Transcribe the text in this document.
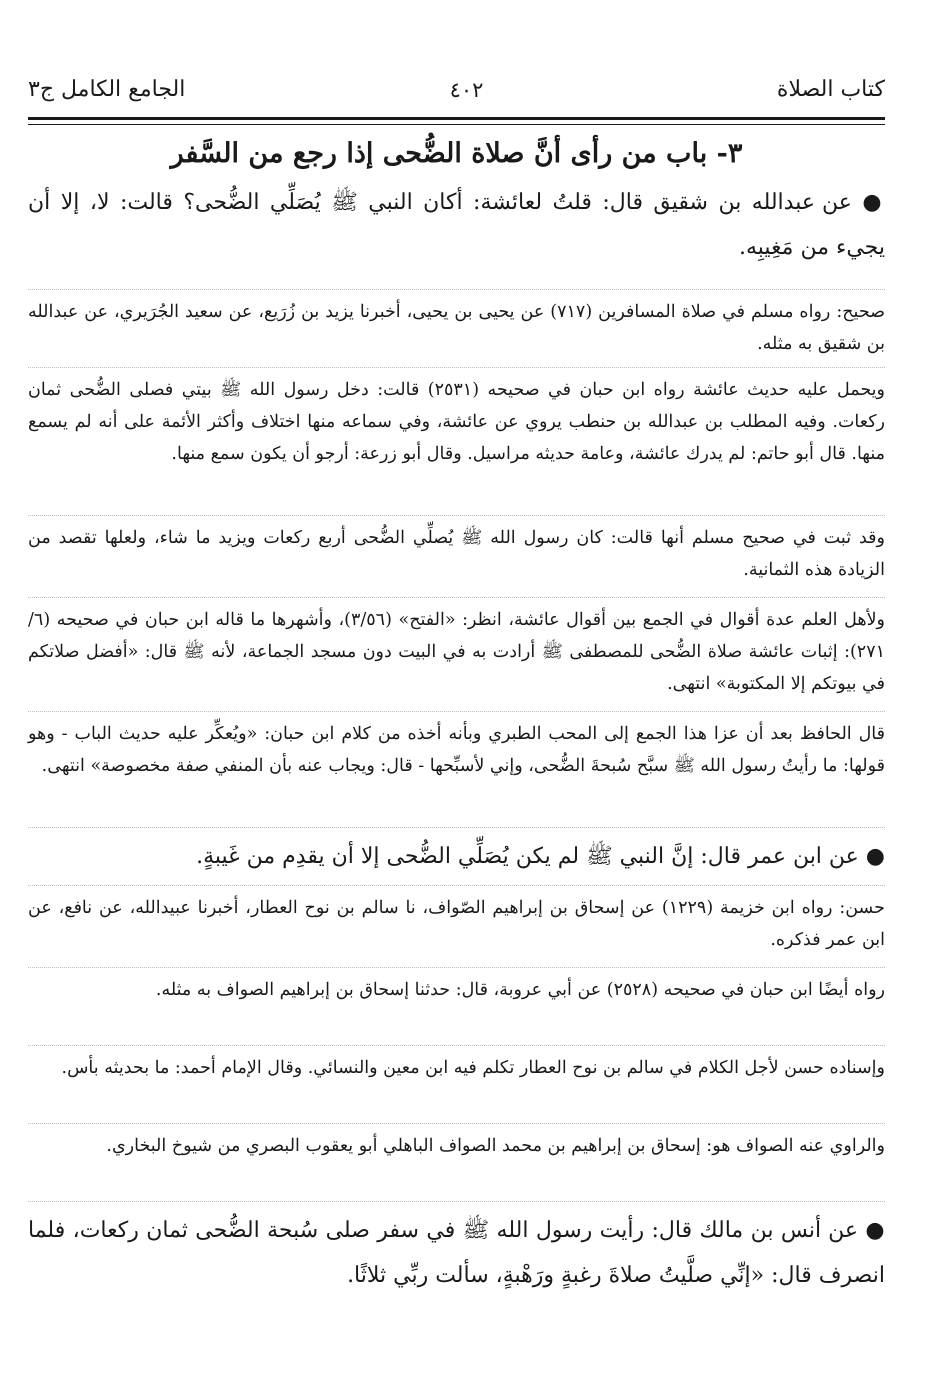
كتاب الصلاة
٤٠٢
الجامع الكامل ج٣
٣- باب من رأى أنَّ صلاة الضُّحى إذا رجع من السَّفر

● عن عبدالله بن شقيق قال: قلتُ لعائشة: أكان النبي ﷺ يُصَلِّي الضُّحى؟ قالت: لا، إلا أن يجيء من مَغِيبِه.

صحيح: رواه مسلم في صلاة المسافرين (٧١٧) عن يحيى بن يحيى، أخبرنا يزيد بن زُرَيع، عن سعيد الجُرَيري، عن عبدالله بن شقيق به مثله.

ويحمل عليه حديث عائشة رواه ابن حبان في صحيحه (٢٥٣١) قالت: دخل رسول الله ﷺ بيتي فصلى الضُّحى ثمان ركعات. وفيه المطلب بن عبدالله بن حنطب يروي عن عائشة، وفي سماعه منها اختلاف وأكثر الأئمة على أنه لم يسمع منها. قال أبو حاتم: لم يدرك عائشة، وعامة حديثه مراسيل. وقال أبو زرعة: أرجو أن يكون سمع منها.

وقد ثبت في صحيح مسلم أنها قالت: كان رسول الله ﷺ يُصلِّي الضُّحى أربع ركعات ويزيد ما شاء، ولعلها تقصد من الزيادة هذه الثمانية.

ولأهل العلم عدة أقوال في الجمع بين أقوال عائشة، انظر: «الفتح» (٣/٥٦)، وأشهرها ما قاله ابن حبان في صحيحه (٦/ ٢٧١): إثبات عائشة صلاة الضُّحى للمصطفى ﷺ أرادت به في البيت دون مسجد الجماعة، لأنه ﷺ قال: «أفضل صلاتكم في بيوتكم إلا المكتوبة» انتهى.

قال الحافظ بعد أن عزا هذا الجمع إلى المحب الطبري وبأنه أخذه من كلام ابن حبان: «ويُعكِّر عليه حديث الباب - وهو قولها: ما رأيتُ رسول الله ﷺ سبَّح سُبحةَ الضُّحى، وإني لأسبِّحها - قال: ويجاب عنه بأن المنفي صفة مخصوصة» انتهى.

● عن ابن عمر قال: إنَّ النبي ﷺ لم يكن يُصَلِّي الضُّحى إلا أن يقدِم من غَيبةٍ.

حسن: رواه ابن خزيمة (١٢٢٩) عن إسحاق بن إبراهيم الصّواف، نا سالم بن نوح العطار، أخبرنا عبيدالله، عن نافع، عن ابن عمر فذكره.

رواه أيضًا ابن حبان في صحيحه (٢٥٢٨) عن أبي عروبة، قال: حدثنا إسحاق بن إبراهيم الصواف به مثله.

وإسناده حسن لأجل الكلام في سالم بن نوح العطار تكلم فيه ابن معين والنسائي. وقال الإمام أحمد: ما بحديثه بأس.

والراوي عنه الصواف هو: إسحاق بن إبراهيم بن محمد الصواف الباهلي أبو يعقوب البصري من شيوخ البخاري.

● عن أنس بن مالك قال: رأيت رسول الله ﷺ في سفر صلى سُبحة الضُّحى ثمان ركعات، فلما انصرف قال: «إنِّي صلَّيتُ صلاةَ رغبةٍ ورَهْبةٍ، سألت ربِّي ثلاثًا.
